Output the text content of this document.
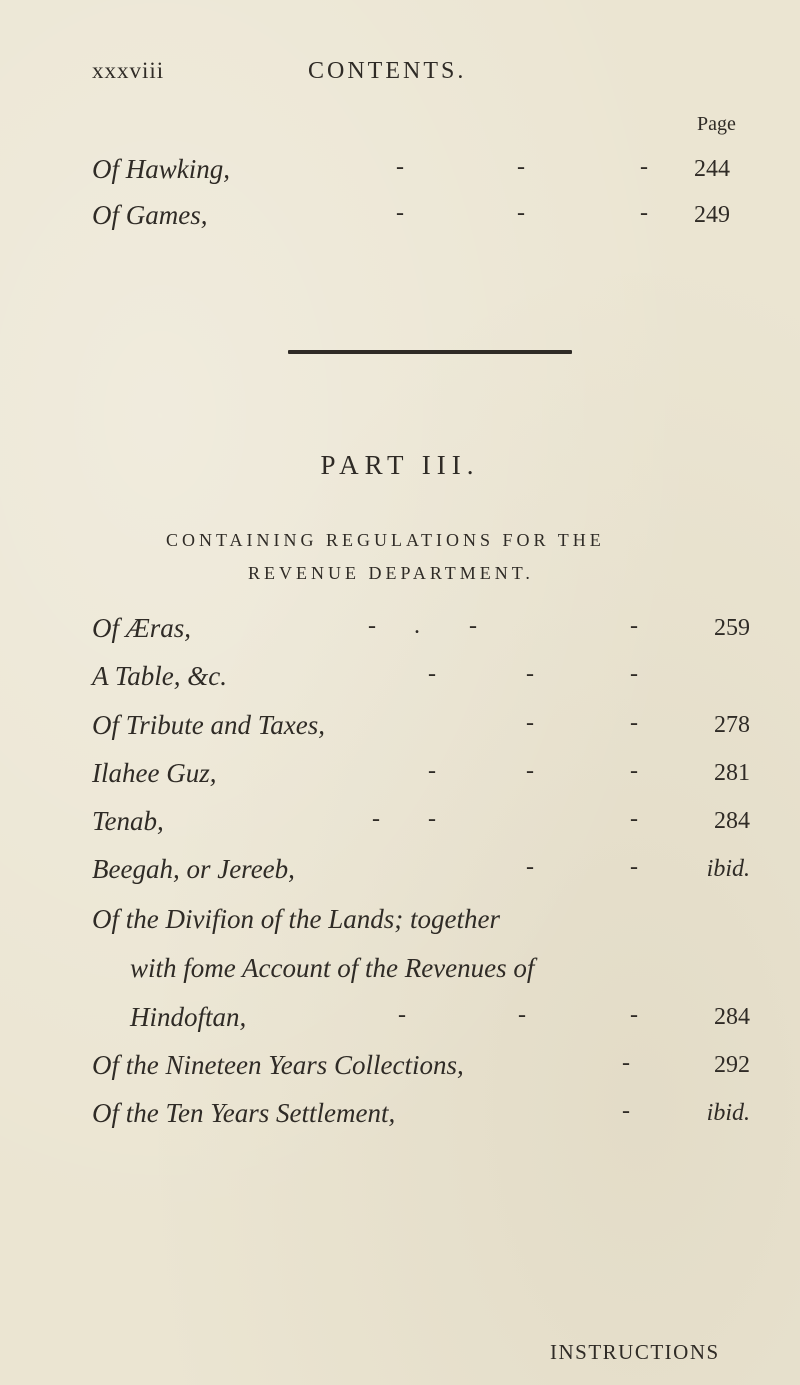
xxxviii	CONTENTS.
Page
Of Hawking,	-	-	-	244
Of Games,	-	-	-	249
PART III.
CONTAINING REGULATIONS FOR THE
REVENUE DEPARTMENT.
Of Æras,	- . -	-	259
A Table, &c.	-	-	-
Of Tribute and Taxes,	-	-	278
Ilahee Guz,	-	-	-	281
Tenab,	- -	-	284
Beegah, or Jereeb,	-	-	ibid.
Of the Divifion of the Lands; together
with fome Account of the Revenues of
Hindoftan,	-	-	-	284
Of the Nineteen Years Collections,	-	292
Of the Ten Years Settlement,	-	ibid.
INSTRUCTIONS
